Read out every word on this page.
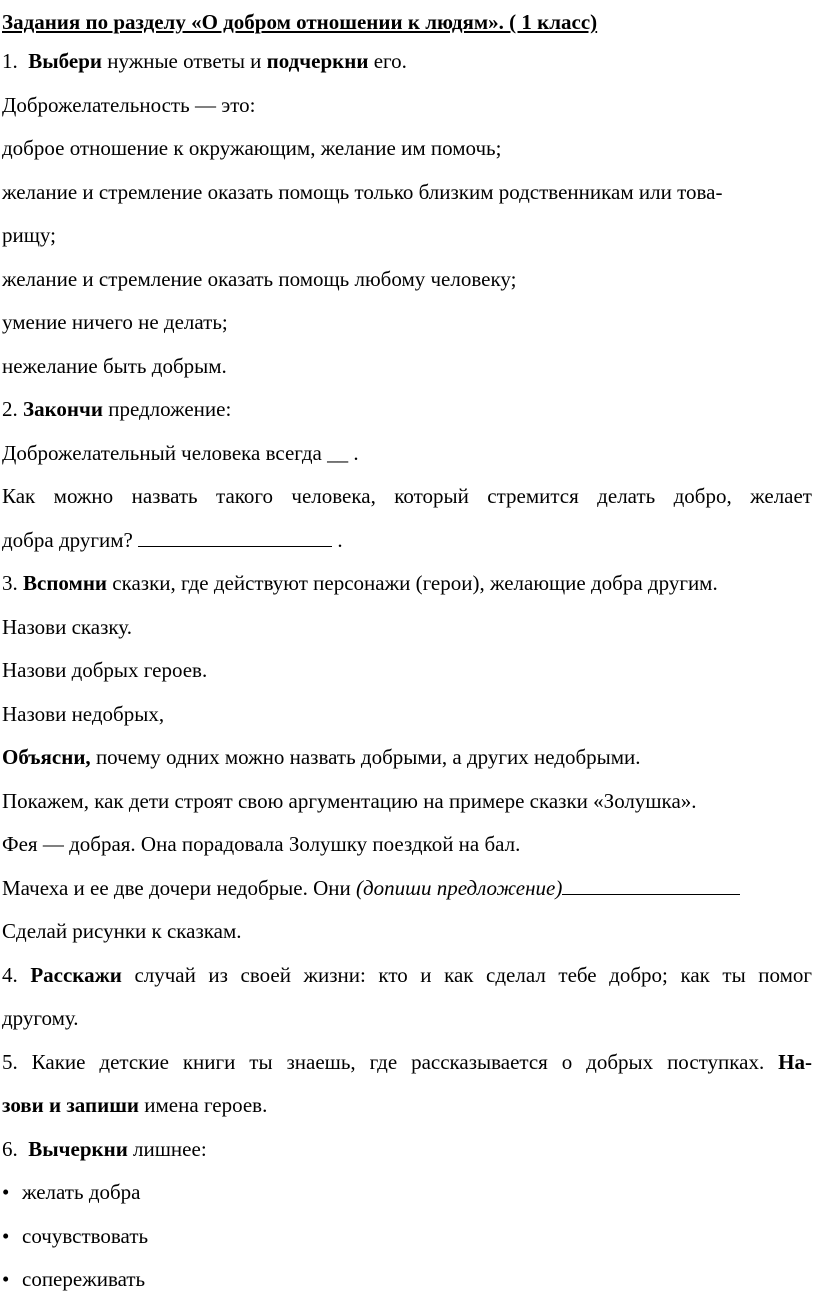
Задания по разделу «О добром отношении к людям». ( 1 класс)
1. Выбери нужные ответы и подчеркни его.
Доброжелательность — это:
доброе отношение к окружающим, желание им помочь;
желание и стремление оказать помощь только близким родственникам или това-
рищу;
желание и стремление оказать помощь любому человеку;
умение ничего не делать;
нежелание быть добрым.
2. Закончи предложение:
Доброжелательный человека всегда __ .
Как можно назвать такого человека, который стремится делать добро, желает
добра другим?	.
3. Вспомни сказки, где действуют персонажи (герои), желающие добра другим.
Назови сказку.
Назови добрых героев.
Назови недобрых,
Объясни, почему одних можно назвать добрыми, а других недобрыми.
Покажем, как дети строят свою аргументацию на примере сказки «Золушка».
Фея — добрая. Она порадовала Золушку поездкой на бал.
Мачеха и ее две дочери недобрые. Они (допиши предложение)
Сделай рисунки к сказкам.
4. Расскажи случай из своей жизни: кто и как сделал тебе добро; как ты помог
другому.
5. Какие детские книги ты знаешь, где рассказывается о добрых поступках. На-
зови и запиши имена героев.
6.  Вычеркни лишнее:
• желать добра
• сочувствовать
• сопереживать
